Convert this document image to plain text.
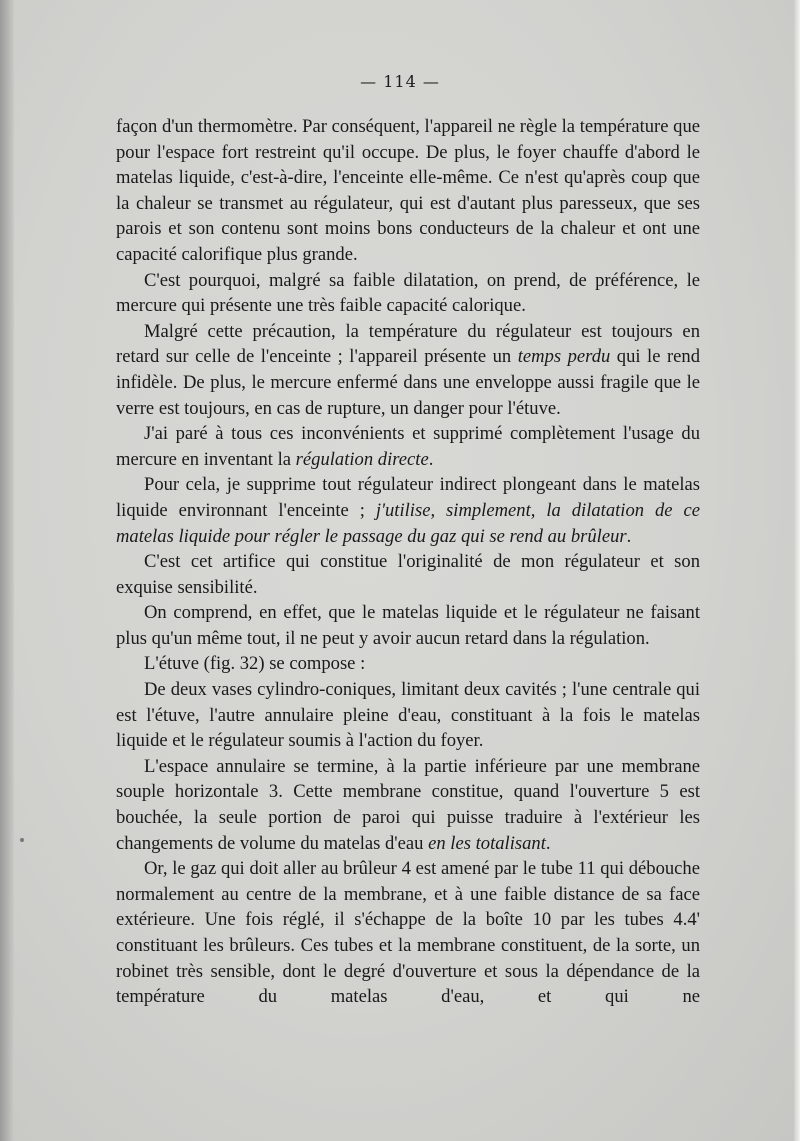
— 114 —

façon d'un thermomètre. Par conséquent, l'appareil ne règle la température que pour l'espace fort restreint qu'il occupe. De plus, le foyer chauffe d'abord le matelas liquide, c'est-à-dire, l'enceinte elle-même. Ce n'est qu'après coup que la chaleur se transmet au régulateur, qui est d'autant plus paresseux, que ses parois et son contenu sont moins bons conducteurs de la chaleur et ont une capacité calorifique plus grande.

C'est pourquoi, malgré sa faible dilatation, on prend, de préférence, le mercure qui présente une très faible capacité calorique.

Malgré cette précaution, la température du régulateur est toujours en retard sur celle de l'enceinte ; l'appareil présente un temps perdu qui le rend infidèle. De plus, le mercure enfermé dans une enveloppe aussi fragile que le verre est toujours, en cas de rupture, un danger pour l'étuve.

J'ai paré à tous ces inconvénients et supprimé complètement l'usage du mercure en inventant la régulation directe.

Pour cela, je supprime tout régulateur indirect plongeant dans le matelas liquide environnant l'enceinte ; j'utilise, simplement, la dilatation de ce matelas liquide pour régler le passage du gaz qui se rend au brûleur.

C'est cet artifice qui constitue l'originalité de mon régulateur et son exquise sensibilité.

On comprend, en effet, que le matelas liquide et le régulateur ne faisant plus qu'un même tout, il ne peut y avoir aucun retard dans la régulation.

L'étuve (fig. 32) se compose :

De deux vases cylindro-coniques, limitant deux cavités ; l'une centrale qui est l'étuve, l'autre annulaire pleine d'eau, constituant à la fois le matelas liquide et le régulateur soumis à l'action du foyer.

L'espace annulaire se termine, à la partie inférieure par une membrane souple horizontale 3. Cette membrane constitue, quand l'ouverture 5 est bouchée, la seule portion de paroi qui puisse traduire à l'extérieur les changements de volume du matelas d'eau en les totalisant.

Or, le gaz qui doit aller au brûleur 4 est amené par le tube 11 qui débouche normalement au centre de la membrane, et à une faible distance de sa face extérieure. Une fois réglé, il s'échappe de la boîte 10 par les tubes 4.4' constituant les brûleurs. Ces tubes et la membrane constituent, de la sorte, un robinet très sensible, dont le degré d'ouverture et sous la dépendance de la température du matelas d'eau, et qui ne
